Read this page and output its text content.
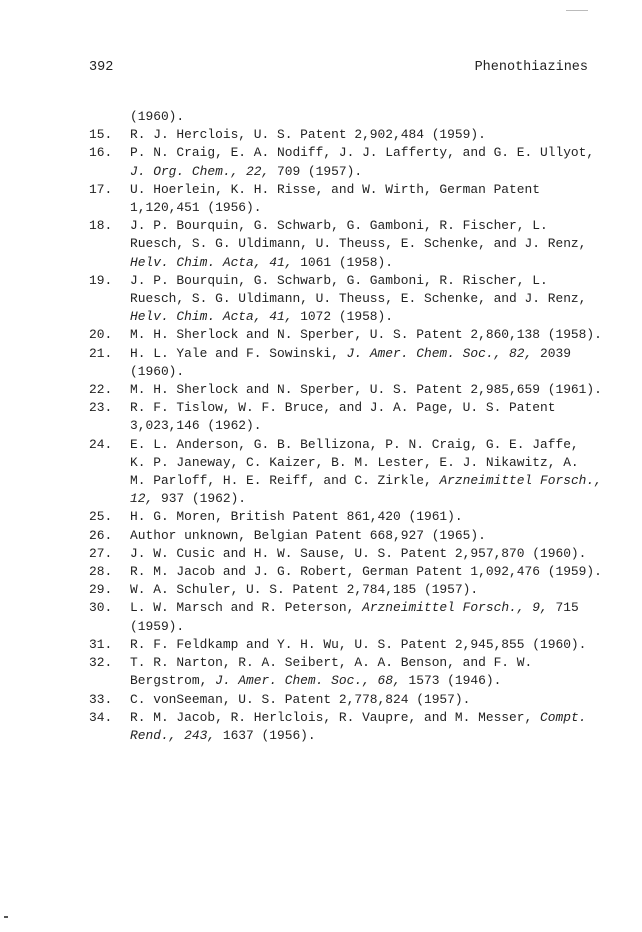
392	Phenothiazines
(1960).
15.	R. J. Herclois, U. S. Patent 2,902,484 (1959).
16.	P. N. Craig, E. A. Nodiff, J. J. Lafferty, and G. E. Ullyot,
J. Org. Chem., 22, 709 (1957).
17.	U. Hoerlein, K. H. Risse, and W. Wirth, German Patent
1,120,451 (1956).
18.	J. P. Bourquin, G. Schwarb, G. Gamboni, R. Fischer, L.
Ruesch, S. G. Uldimann, U. Theuss, E. Schenke, and J. Renz,
Helv. Chim. Acta, 41, 1061 (1958).
19.	J. P. Bourquin, G. Schwarb, G. Gamboni, R. Rischer, L.
Ruesch, S. G. Uldimann, U. Theuss, E. Schenke, and J. Renz,
Helv. Chim. Acta, 41, 1072 (1958).
20.	M. H. Sherlock and N. Sperber, U. S. Patent 2,860,138 (1958).
21.	H. L. Yale and F. Sowinski, J. Amer. Chem. Soc., 82, 2039
(1960).
22.	M. H. Sherlock and N. Sperber, U. S. Patent 2,985,659 (1961).
23.	R. F. Tislow, W. F. Bruce, and J. A. Page, U. S. Patent
3,023,146 (1962).
24.	E. L. Anderson, G. B. Bellizona, P. N. Craig, G. E. Jaffe,
K. P. Janeway, C. Kaizer, B. M. Lester, E. J. Nikawitz, A.
M. Parloff, H. E. Reiff, and C. Zirkle, Arzneimittel Forsch.,
12, 937 (1962).
25.	H. G. Moren, British Patent 861,420 (1961).
26.	Author unknown, Belgian Patent 668,927 (1965).
27.	J. W. Cusic and H. W. Sause, U. S. Patent 2,957,870 (1960).
28.	R. M. Jacob and J. G. Robert, German Patent 1,092,476 (1959).
29.	W. A. Schuler, U. S. Patent 2,784,185 (1957).
30.	L. W. Marsch and R. Peterson, Arzneimittel Forsch., 9, 715
(1959).
31.	R. F. Feldkamp and Y. H. Wu, U. S. Patent 2,945,855 (1960).
32.	T. R. Narton, R. A. Seibert, A. A. Benson, and F. W.
Bergstrom, J. Amer. Chem. Soc., 68, 1573 (1946).
33.	C. vonSeeman, U. S. Patent 2,778,824 (1957).
34.	R. M. Jacob, R. Herlclois, R. Vaupre, and M. Messer, Compt.
Rend., 243, 1637 (1956).
